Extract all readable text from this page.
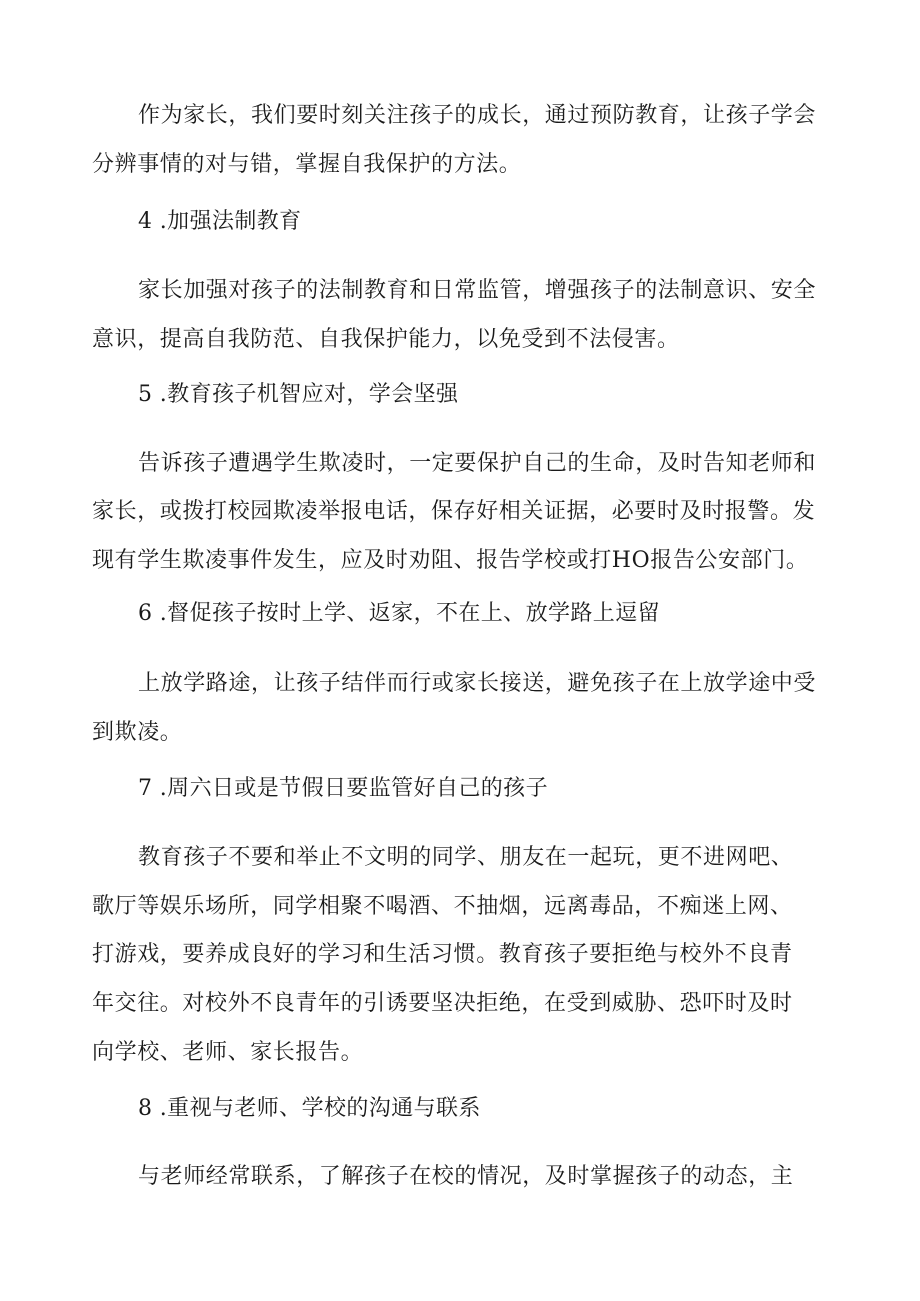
作为家长，我们要时刻关注孩子的成长，通过预防教育，让孩子学会
分辨事情的对与错，掌握自我保护的方法。
4 .加强法制教育
家长加强对孩子的法制教育和日常监管，增强孩子的法制意识、安全
意识，提高自我防范、自我保护能力，以免受到不法侵害。
5 .教育孩子机智应对，学会坚强
告诉孩子遭遇学生欺凌时，一定要保护自己的生命，及时告知老师和
家长，或拨打校园欺凌举报电话，保存好相关证据，必要时及时报警。发
现有学生欺凌事件发生，应及时劝阻、报告学校或打HO报告公安部门。
6 .督促孩子按时上学、返家，不在上、放学路上逗留
上放学路途，让孩子结伴而行或家长接送，避免孩子在上放学途中受
到欺凌。
7 .周六日或是节假日要监管好自己的孩子
教育孩子不要和举止不文明的同学、朋友在一起玩，更不进网吧、
歌厅等娱乐场所，同学相聚不喝酒、不抽烟，远离毒品，不痴迷上网、
打游戏，要养成良好的学习和生活习惯。教育孩子要拒绝与校外不良青
年交往。对校外不良青年的引诱要坚决拒绝，在受到威胁、恐吓时及时
向学校、老师、家长报告。
8 .重视与老师、学校的沟通与联系
与老师经常联系，了解孩子在校的情况，及时掌握孩子的动态，主
